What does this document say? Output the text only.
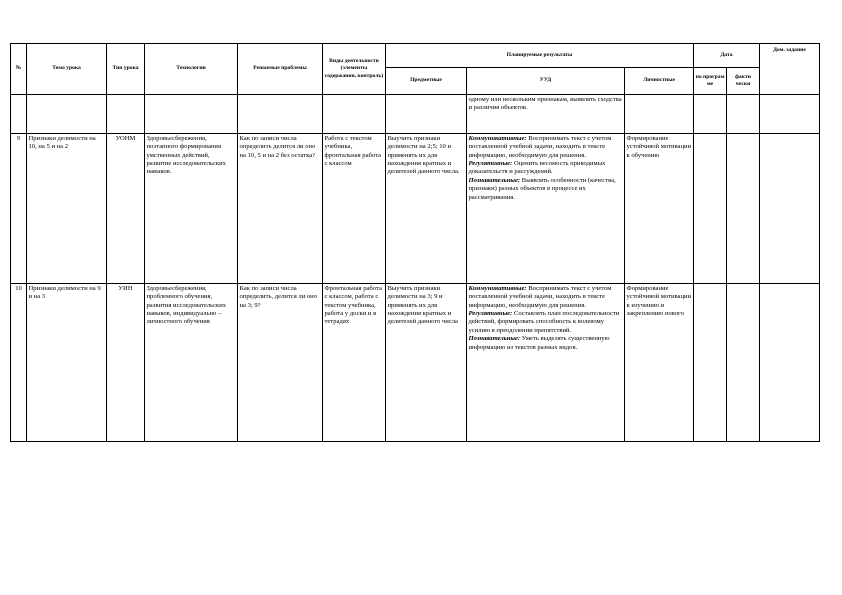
№	Тема урока	Тип урока	Технологии	Решаемые проблемы	Виды деятельности (элементы содержания, контроль)	Планируемые результаты			Дата		Дом. задание
						Предметные	УУД	Личностные	по програм ме	факти чески	
							одному или нескольким признакам, выявлять сходства и различия объектов.				
9	Признаки делимости на 10, на 5 и на 2	УОНМ	Здоровьесбережения, поэтапного формирования умственных действий, развитие исследовательских навыков.	Как по записи числа определить делится ли оно на 10, 5 и на 2 без остатка?	Работа с текстом учебника, фронтальная работа с классом	Выучить признаки делимости на 2;5; 10 и применять их для нахождения кратных и делителей данного числа.	Коммуникативные: Воспринимать текст с учетом поставленной учебной задачи, находить в тексте информацию, необходимую для решения.
Регулятивные: Оценить весомость приводимых доказательств и рассуждений.
Познавательные: Выявлять особенности (качества, признаки) разных объектов в процессе их рассматривания.	Формирование устойчивой мотивации к обучению			
10	Признаки делимости на 9 и на 3	УИН	Здоровьесбережения, проблемного обучения, развития исследовательских навыков, индивидуально – личностного обучения	Как по записи числа определить, делится ли оно на 3; 9?	Фронтальная работа с классом, работа с текстом учебника, работа у доски и в тетрадях	Выучить признаки делимости на 3; 9 и применять их для нахождения кратных и делителей данного числа	Коммуникативные: Воспринимать текст с учетом поставленной учебной задачи, находить в тексте информацию, необходимую для решения.
Регулятивные: Составлять план последовательности действий, формировать способность к волевому усилию в преодолении препятствий.
Познавательные: Уметь выделять существенную информацию из текстов разных видов.	Формирование устойчивой мотивации к изучению и закреплению нового			
